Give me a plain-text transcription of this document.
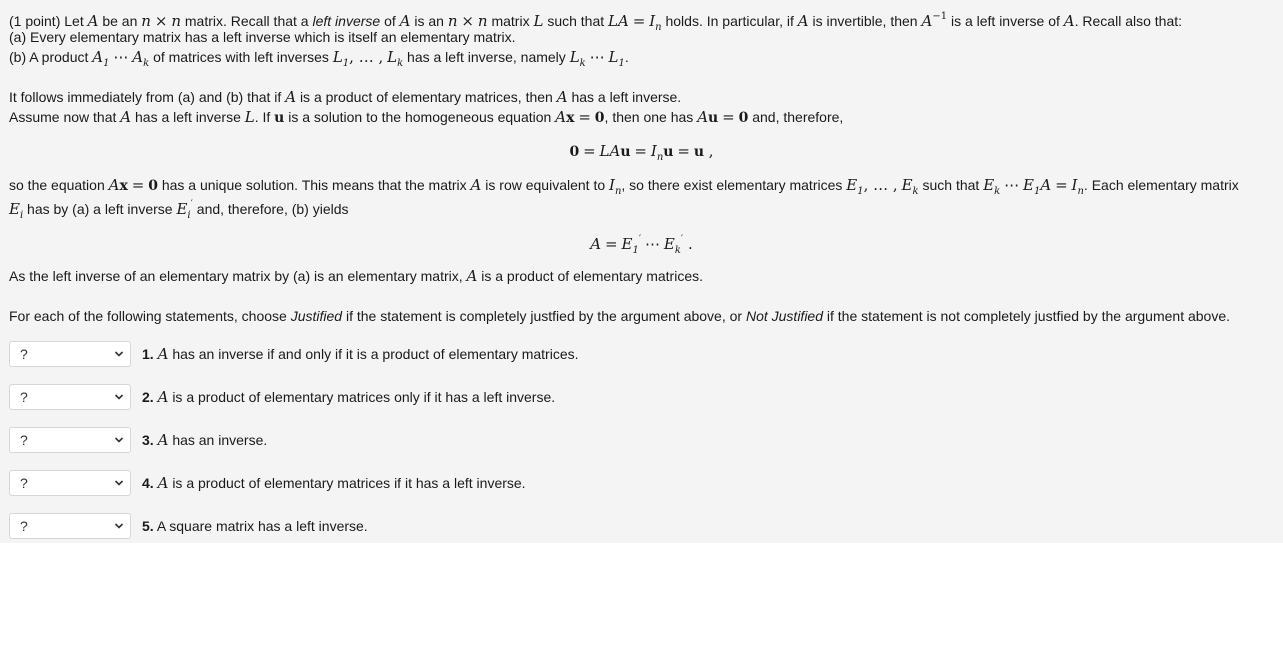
(1 point) Let A be an n × n matrix. Recall that a left inverse of A is an n × n matrix L such that LA = $I_n$ holds. In particular, if A is invertible, then $A^{-1}$ is a left inverse of A. Recall also that:
(a) Every elementary matrix has a left inverse which is itself an elementary matrix.
(b) A product $A_1$ ⋯ $A_k$ of matrices with left inverses $L_1$, … , $L_k$ has a left inverse, namely $L_k$ ⋯ $L_1$.
It follows immediately from (a) and (b) that if A is a product of elementary matrices, then A has a left inverse.
Assume now that A has a left inverse L. If u is a solution to the homogeneous equation Ax = 0, then one has Au = 0 and, therefore,
0 = LAu = $I_nu = u$ ,
so the equation Ax = 0 has a unique solution. This means that the matrix A is row equivalent to $I_n$, so there exist elementary matrices $E_1$, … , $E_k$ such that $E_k$ ⋯ $E_1A = I_n$. Each elementary matrix
$E_i$ has by (a) a left inverse $E_i'$ and, therefore, (b) yields
$A = E_1'$ ⋯ $E_k'$ .
As the left inverse of an elementary matrix by (a) is an elementary matrix, A is a product of elementary matrices.
For each of the following statements, choose Justified if the statement is completely justfied by the argument above, or Not Justified if the statement is not completely justfied by the argument above.
?	1. A has an inverse if and only if it is a product of elementary matrices.
?	2. A is a product of elementary matrices only if it has a left inverse.
?	3. A has an inverse.
?	4. A is a product of elementary matrices if it has a left inverse.
?	5. A square matrix has a left inverse.
